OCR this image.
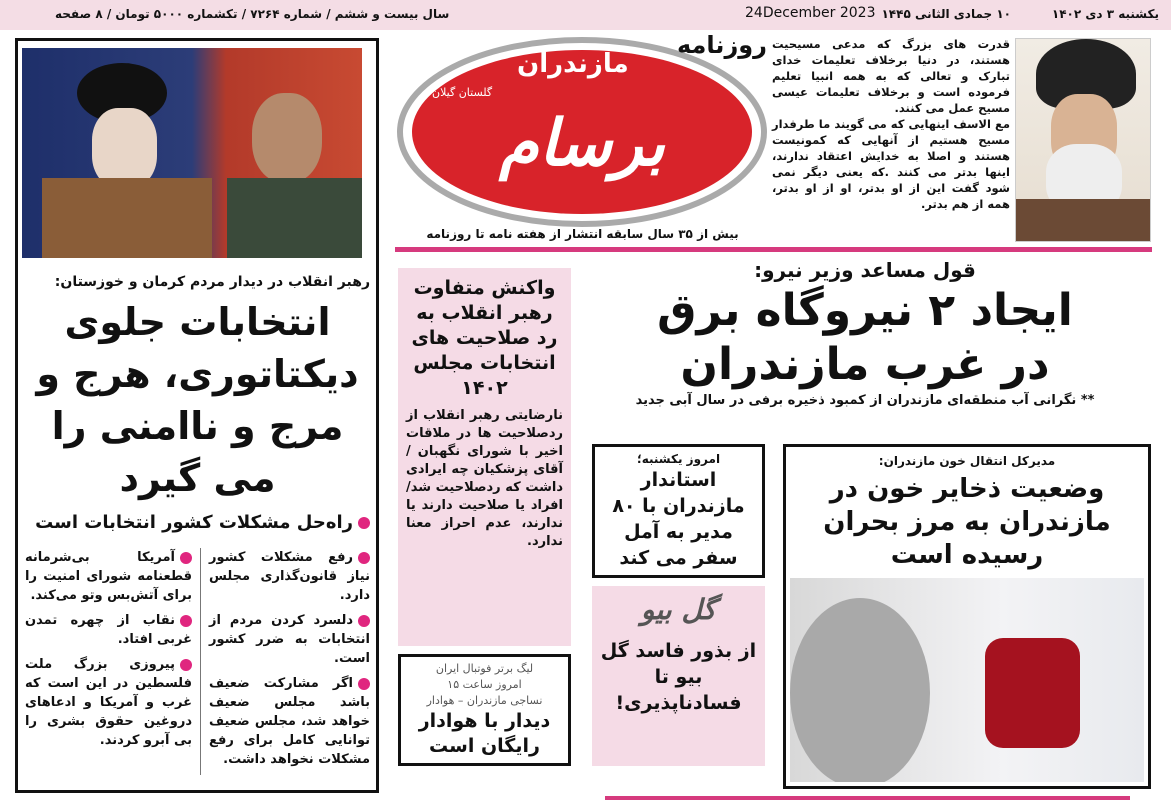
یکشنبه ۳ دی ۱۴۰۲
۱۰ جمادی الثانی ۱۴۴۵
24December 2023
سال بیست و ششم / شماره ۷۲۶۴ / تکشماره ۵۰۰۰ تومان / ۸ صفحه
برسام
مازندران
گلستان گیلان
روزنامه
بیش از ۳۵ سال سابقه انتشار از هفته نامه تا روزنامه

قدرت های بزرگ که مدعی مسیحیت هستند، در دنیا برخلاف تعلیمات خدای تبارک و تعالی که به همه انبیا تعلیم فرموده است و برخلاف تعلیمات عیسی مسیح عمل می کنند.

مع الاسف اینهایی که می گویند ما طرفدار مسیح هستیم از آنهایی که کمونیست هستند و اصلا به خدایش اعتقاد ندارند، اینها بدتر می کنند .که یعنی دیگر نمی شود گفت این از او بدتر، او از او بدتر، همه از هم بدتر.

رهبر انقلاب در دیدار مردم کرمان و خوزستان:
انتخابات جلوی دیکتاتوری، هرج و مرج و ناامنی را می گیرد
راه‌حل مشکلات کشور انتخابات است

رفع مشکلات کشور نیاز قانون‌گذاری مجلس دارد.

دلسرد کردن مردم از انتخابات به ضرر کشور است.

اگر مشارکت ضعیف باشد مجلس ضعیف خواهد شد، مجلس ضعیف توانایی کامل برای رفع مشکلات نخواهد داشت.

آمریکا بی‌شرمانه قطعنامه شورای امنیت را برای آتش‌بس وتو می‌کند.

نقاب از چهره تمدن غربی افتاد.

پیروزی بزرگ ملت فلسطین در این است که غرب و آمریکا و ادعاهای دروغین حقوق بشری را بی آبرو کردند.

واکنش متفاوت رهبر انقلاب به رد صلاحیت های انتخابات مجلس ۱۴۰۲
نارضایتی رهبر انقلاب از ردصلاحیت ها در ملاقات اخیر با شورای نگهبان /آقای پزشکیان چه ایرادی داشت که ردصلاحیت شد/ افراد یا صلاحیت دارند یا ندارند، عدم احراز معنا ندارد.
لیگ برتر فوتبال ایران
امروز ساعت ۱۵
نساجی مازندران – هوادار
دیدار با هوادار رایگان است
قول مساعد وزیر نیرو:
ایجاد ۲ نیروگاه برق
در غرب مازندران
** نگرانی آب منطقه‌ای مازندران از کمبود ذخیره برفی در سال آبی جدید
امروز یکشنبه؛
استاندار مازندران با ۸۰ مدیر به آمل سفر می کند
گل بیو
از بذور فاسد گل بیو تا فسادناپذیری!
مدیرکل انتقال خون مازندران:
وضعیت ذخایر خون در مازندران به مرز بحران رسیده است
